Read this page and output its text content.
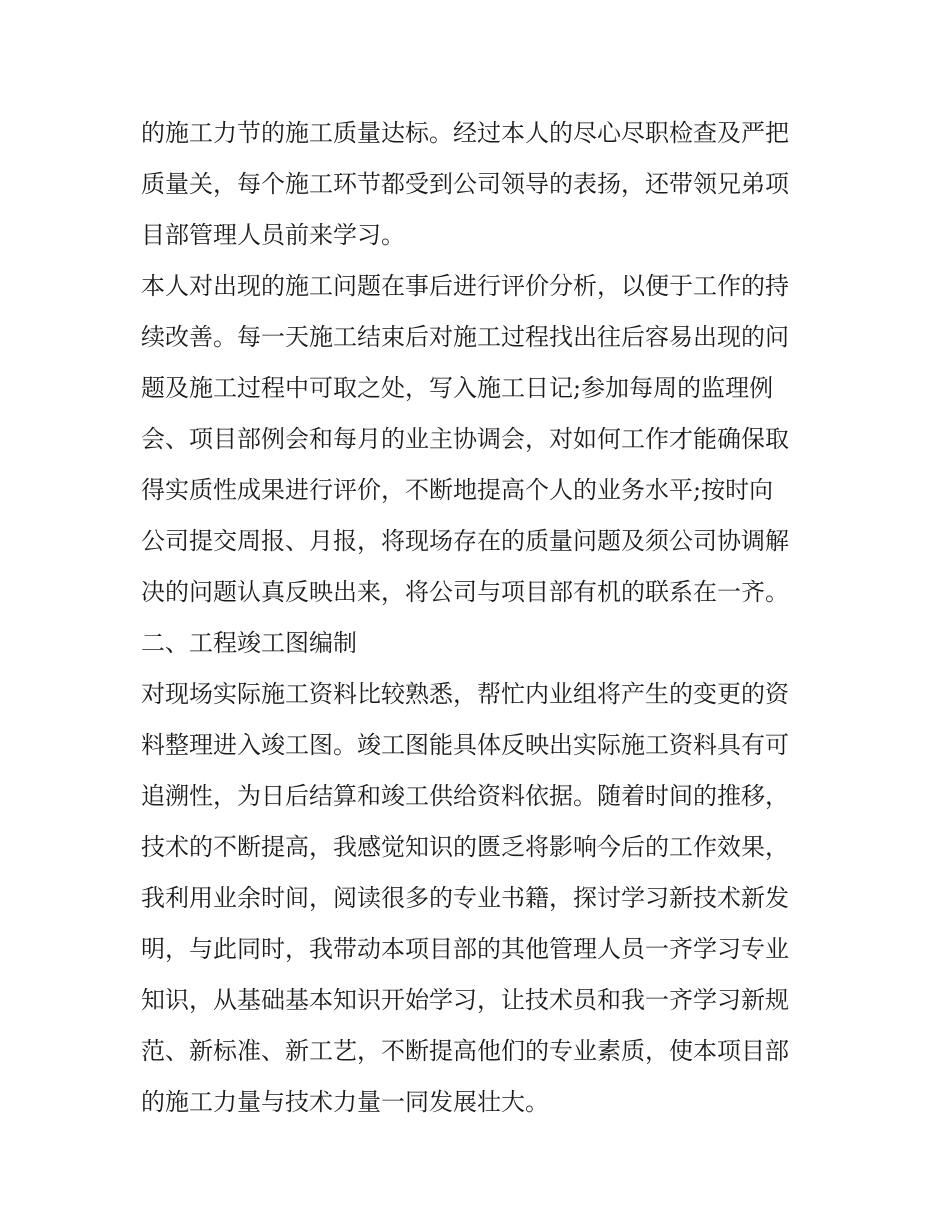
的施工力节的施工质量达标。经过本人的尽心尽职检查及严把
质量关，每个施工环节都受到公司领导的表扬，还带领兄弟项
目部管理人员前来学习。
本人对出现的施工问题在事后进行评价分析，以便于工作的持
续改善。每一天施工结束后对施工过程找出往后容易出现的问
题及施工过程中可取之处，写入施工日记;参加每周的监理例
会、项目部例会和每月的业主协调会，对如何工作才能确保取
得实质性成果进行评价，不断地提高个人的业务水平;按时向
公司提交周报、月报，将现场存在的质量问题及须公司协调解
决的问题认真反映出来，将公司与项目部有机的联系在一齐。
二、工程竣工图编制
对现场实际施工资料比较熟悉，帮忙内业组将产生的变更的资
料整理进入竣工图。竣工图能具体反映出实际施工资料具有可
追溯性，为日后结算和竣工供给资料依据。随着时间的推移，
技术的不断提高，我感觉知识的匮乏将影响今后的工作效果，
我利用业余时间，阅读很多的专业书籍，探讨学习新技术新发
明，与此同时，我带动本项目部的其他管理人员一齐学习专业
知识，从基础基本知识开始学习，让技术员和我一齐学习新规
范、新标准、新工艺，不断提高他们的专业素质，使本项目部
的施工力量与技术力量一同发展壮大。
